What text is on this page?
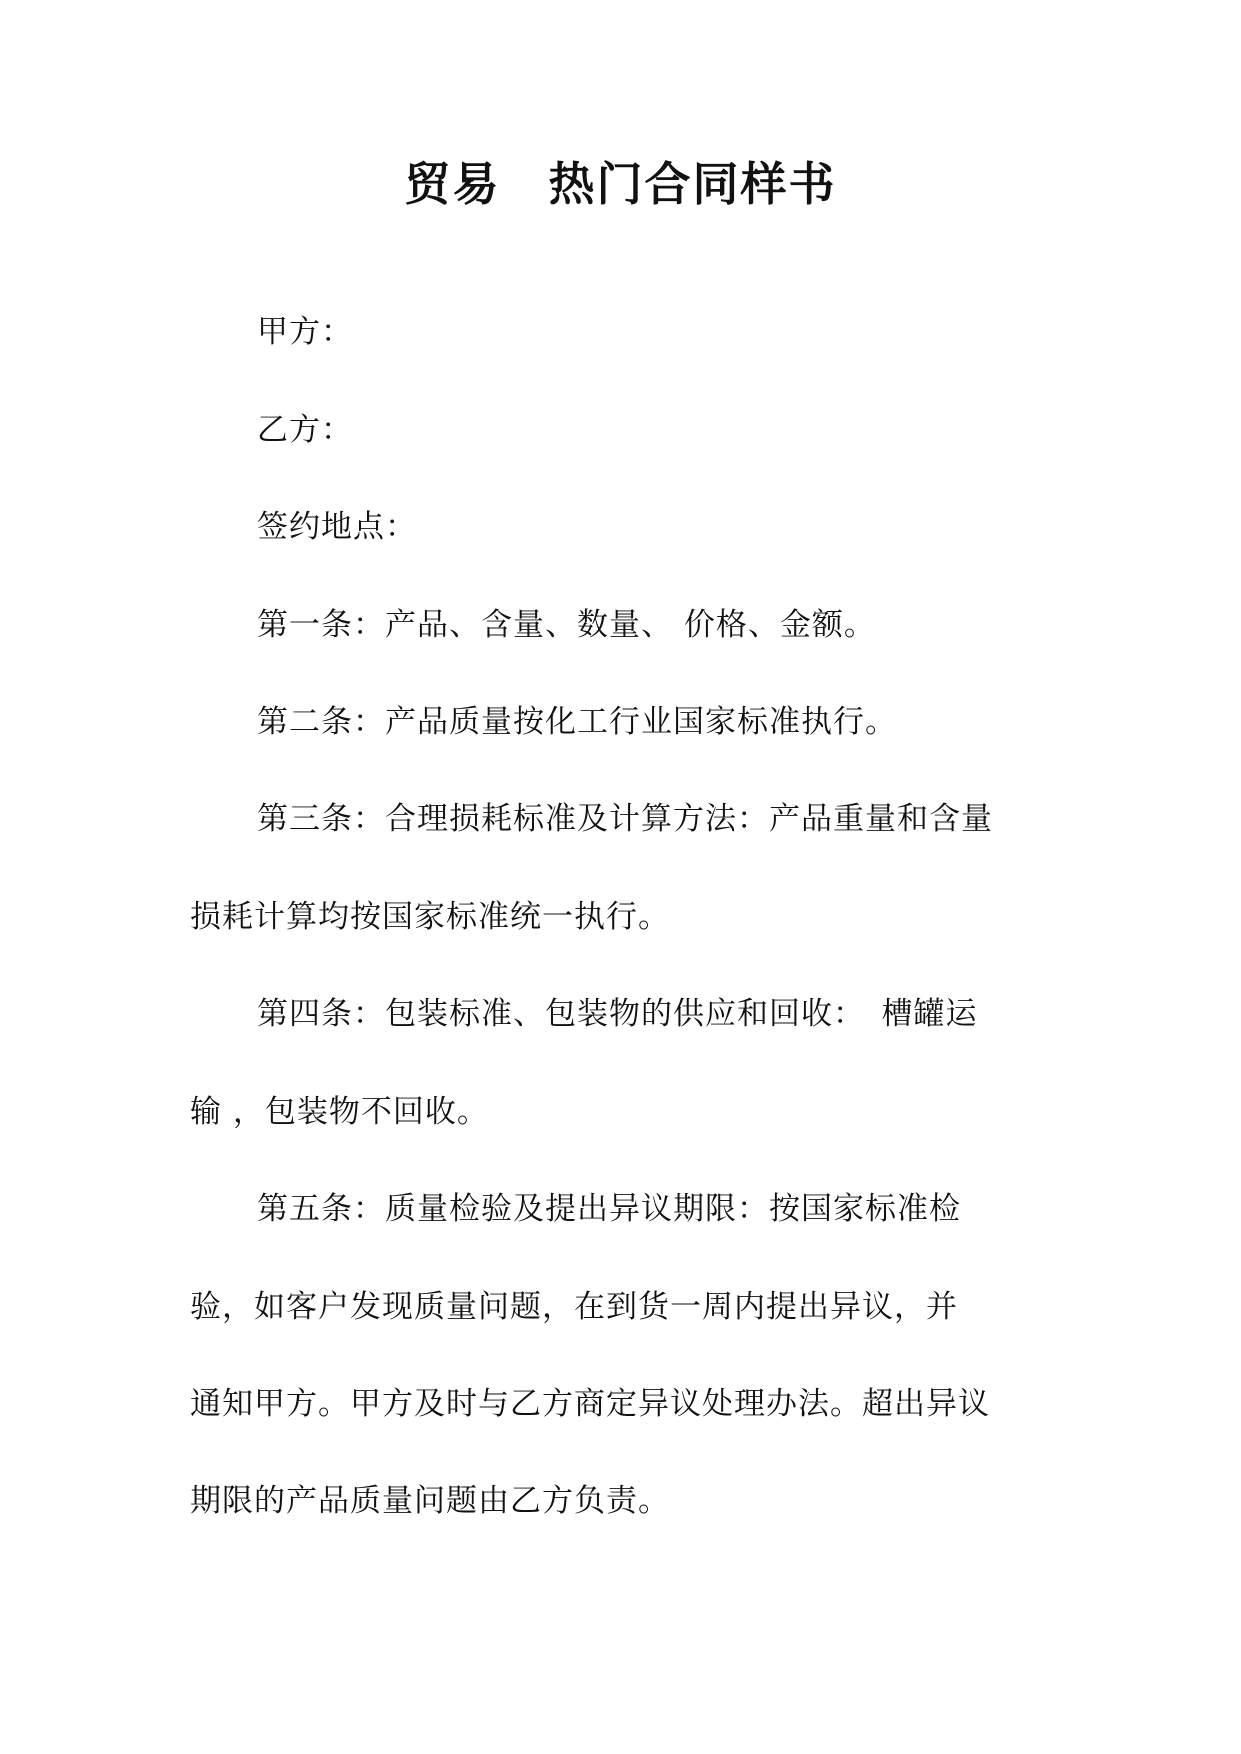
贸易　热门合同样书
甲方：
乙方：
签约地点：
第一条：产品、含量、数量、 价格、金额。
第二条：产品质量按化工行业国家标准执行。
第三条：合理损耗标准及计算方法：产品重量和含量
损耗计算均按国家标准统一执行。
第四条：包装标准、包装物的供应和回收：　槽罐运
输 ，包装物不回收。
第五条：质量检验及提出异议期限：按国家标准检
验，如客户发现质量问题，在到货一周内提出异议，并
通知甲方。甲方及时与乙方商定异议处理办法。超出异议
期限的产品质量问题由乙方负责。
